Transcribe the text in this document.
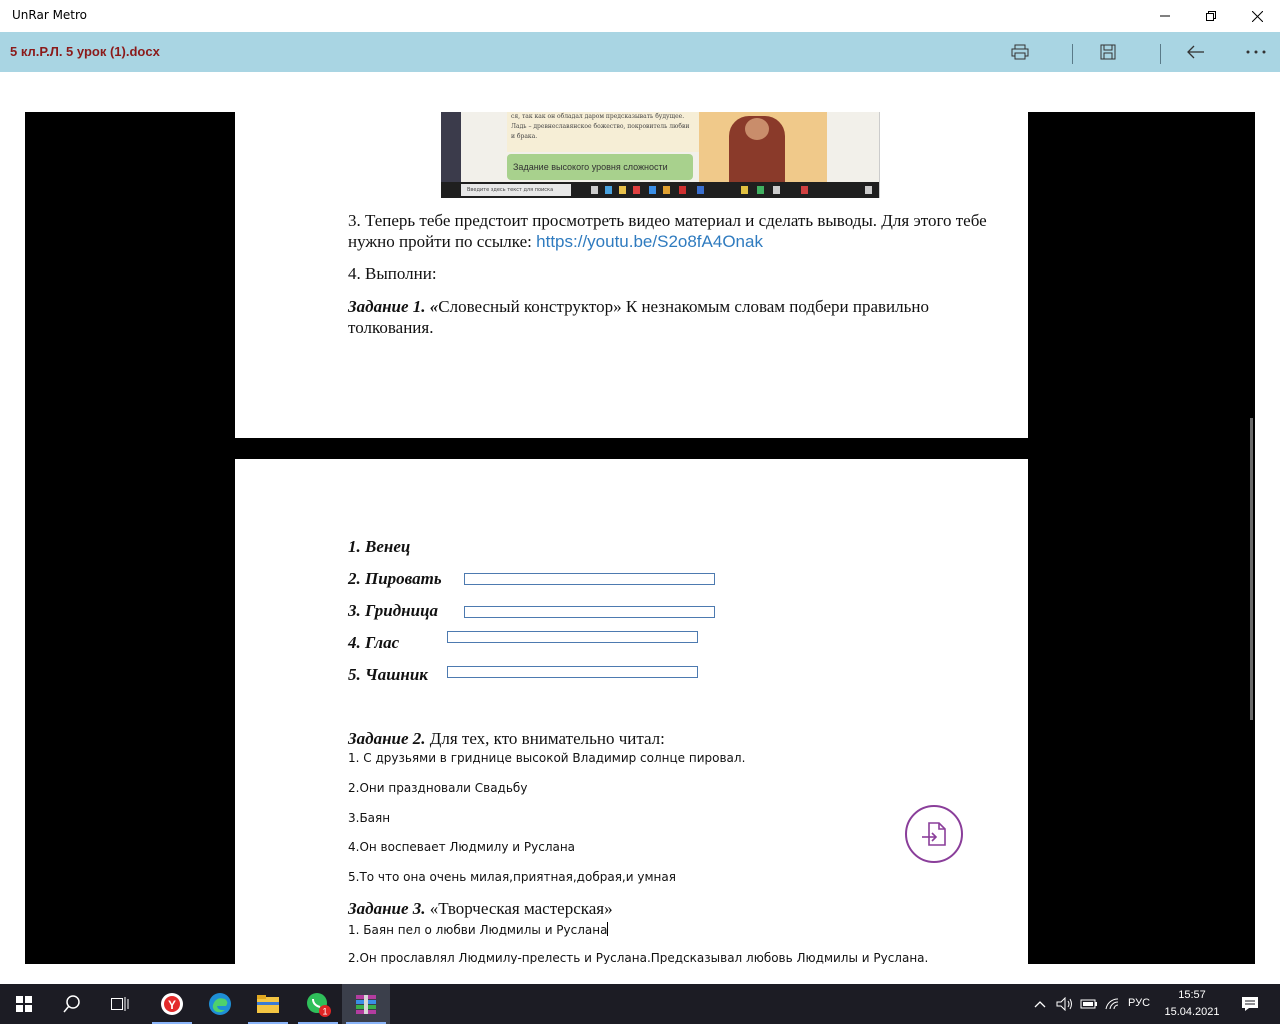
UnRar Metro
5 кл.Р.Л. 5 урок (1).docx
ся, так как он обладал даром предсказывать будущее.
Ладь – древнеславянское божество, покровитель любви
и брака.
Задание высокого уровня сложности
Введите здесь текст для поиска
3. Теперь тебе предстоит просмотреть видео материал и сделать выводы. Для этого тебе нужно пройти по ссылке: https://youtu.be/S2o8fA4Onak
4. Выполни:
Задание 1. «Словесный конструктор» К незнакомым словам подбери правильно толкования.
1. Венец
2. Пировать
3. Гридница
4. Глас
5. Чашник
Задание 2. Для тех, кто внимательно читал:
1. С друзьями в гриднице высокой Владимир солнце пировал.
2.Они праздновали Свадьбу
3.Баян
4.Он воспевает Людмилу и Руслана
5.То что она очень милая,приятная,добрая,и умная
Задание 3. «Творческая мастерская»
1. Баян пел о любви Людмилы и Руслана
2.Он прославлял Людмилу-прелесть и Руслана.Предсказывал любовь Людмилы и Руслана.
Y	1
РУС
15:57
15.04.2021
